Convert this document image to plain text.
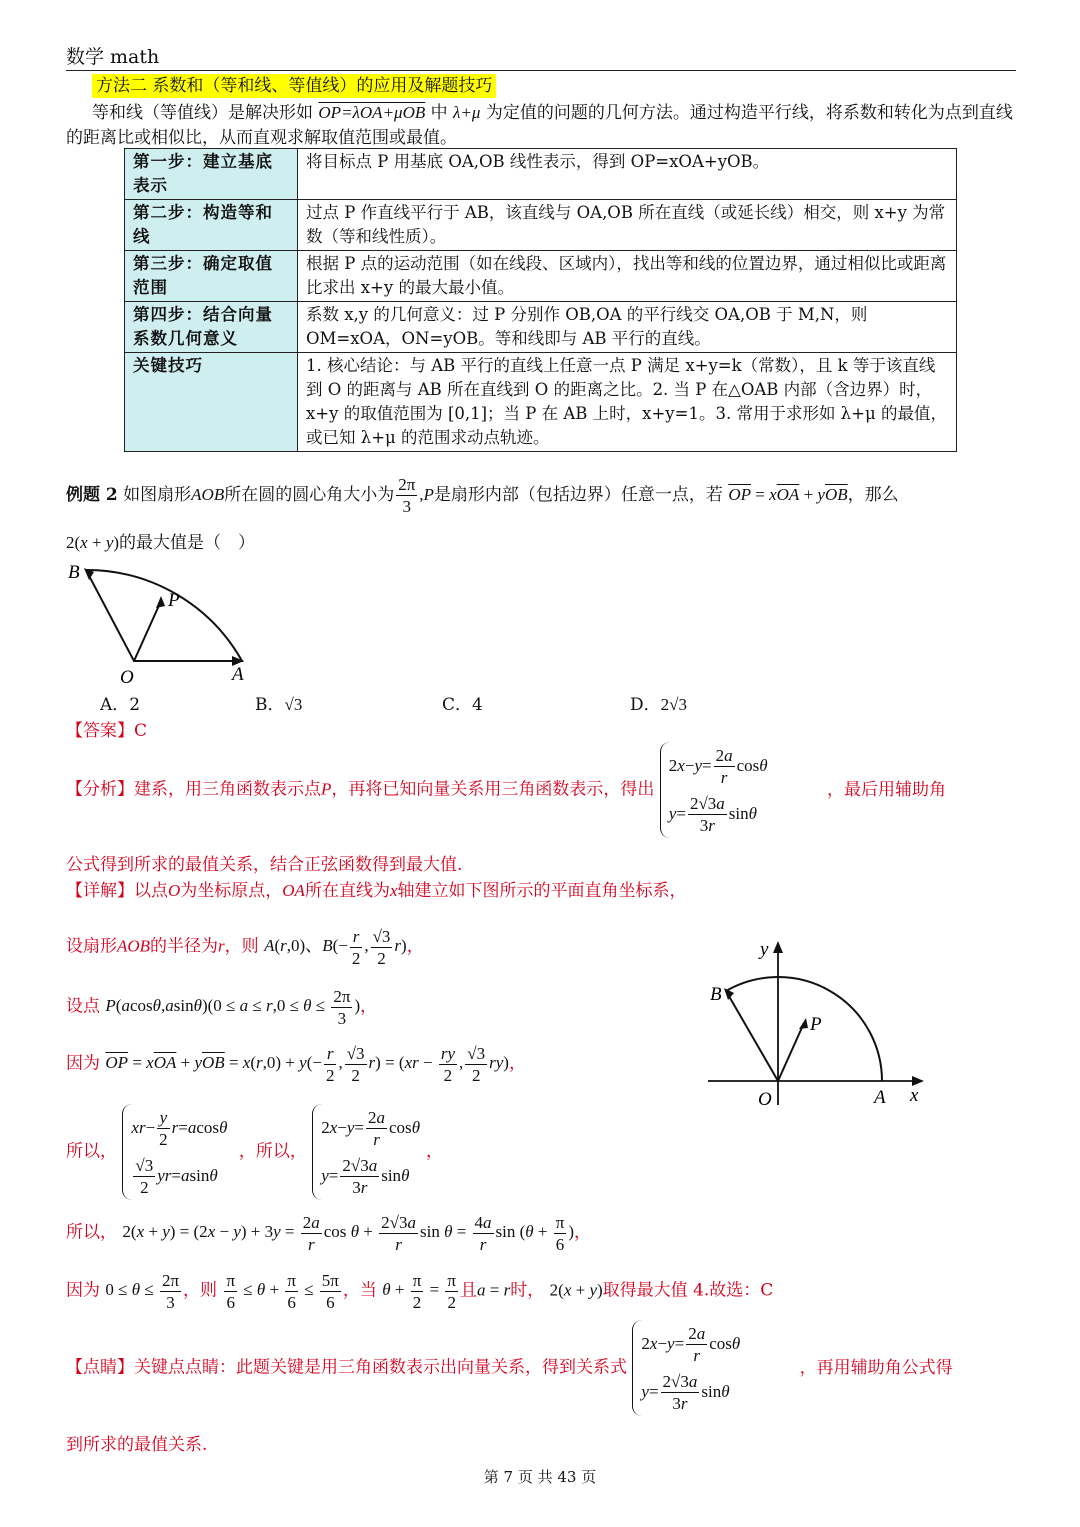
数学 math
方法二 系数和（等和线、等值线）的应用及解题技巧
等和线（等值线）是解决形如 OP=λOA+μOB 中 λ+μ 为定值的问题的几何方法。通过构造平行线，将系数和转化为点到直线的距离比或相似比，从而直观求解取值范围或最值。
第一步：建立基底表示	将目标点 P 用基底 OA,OB 线性表示，得到 OP=xOA+yOB。
第二步：构造等和线	过点 P 作直线平行于 AB，该直线与 OA,OB 所在直线（或延长线）相交，则 x+y 为常数（等和线性质）。
第三步：确定取值范围	根据 P 点的运动范围（如在线段、区域内），找出等和线的位置边界，通过相似比或距离比求出 x+y 的最大最小值。
第四步：结合向量系数几何意义	系数 x,y 的几何意义：过 P 分别作 OB,OA 的平行线交 OA,OB 于 M,N，则 OM=xOA，ON=yOB。等和线即与 AB 平行的直线。
关键技巧	1. 核心结论：与 AB 平行的直线上任意一点 P 满足 x+y=k（常数），且 k 等于该直线到 O 的距离与 AB 所在直线到 O 的距离之比。2. 当 P 在△OAB 内部（含边界）时，x+y 的取值范围为 [0,1]；当 P 在 AB 上时，x+y=1。3. 常用于求形如 λ+μ 的最值，或已知 λ+μ 的范围求动点轨迹。
例题 2 如图扇形AOB所在圆的圆心角大小为 $\frac{2\pi}{3} ,P$是扇形内部（包括边界）任意一点，若 $\overline{OP} = x\overline{OA} + y\overline{OB}$，那么
2(x + y)的最大值是（　）
B
P
O	A
A．2	B．√3	C．4	D．2√3
【答案】C
【分析】建系，用三角函数表示点P，再将已知向量关系用三角函数表示，得出
2 $x - y = \frac{2a}{r}$ cos θ
$y = \frac{2√3a}{3r}$ sin θ
，最后用辅助角
公式得到所求的最值关系，结合正弦函数得到最大值.
【详解】以点O为坐标原点，OA所在直线为x轴建立如下图所示的平面直角坐标系，
设扇形AOB的半径为r，则 A(r,0)、$B(- \frac{r}{2}$ , $\frac{√3}{2} r$)，
设点 $P(acos\theta,asin\theta)(0 \le a \le r,0 \le \theta \le \frac{2\pi}{3}$ )，
因为 $\overline{OP} = x\overline{OA} + y\overline{OB} = x(r,0) + y(- \frac{r}{2}$ , $\frac{√3}{2} r) = (xr - \frac{ry}{2}$ , $\frac{√3}{2} ry$)，
所以，
xr − $\frac{y}{2}$ r = a cos θ
$\frac{√3}{2}$ yr = a sin θ
，所以，
2 $x - y = \frac{2a}{r}$ cos θ
$y = \frac{2√3a}{3r}$ sin θ
，
所以， $2(x + y) = (2x - y) + 3y = \frac{2a}{r}$ $\cos \theta + \frac{2√3a}{r}$ $\sin \theta = \frac{4a}{r}$ $\sin (\theta + \frac{\pi}{6}$ )，
因为 $0 \le \theta \le \frac{2\pi}{3}$ ，则 $\frac{\pi}{6} \le \theta + \frac{\pi}{6} \le \frac{5\pi}{6}$ ，当 $\theta + \frac{\pi}{2} = \frac{\pi}{2}$ 且a = r时， 2(x + y)取得最大值 4.故选：C
y
B
P
O	A x
【点睛】关键点点睛：此题关键是用三角函数表示出向量关系，得到关系式
2 $x - y = \frac{2a}{r}$ cos θ
$y = \frac{2√3a}{3r}$ sin θ
，再用辅助角公式得
到所求的最值关系.
第 7 页 共 43 页
